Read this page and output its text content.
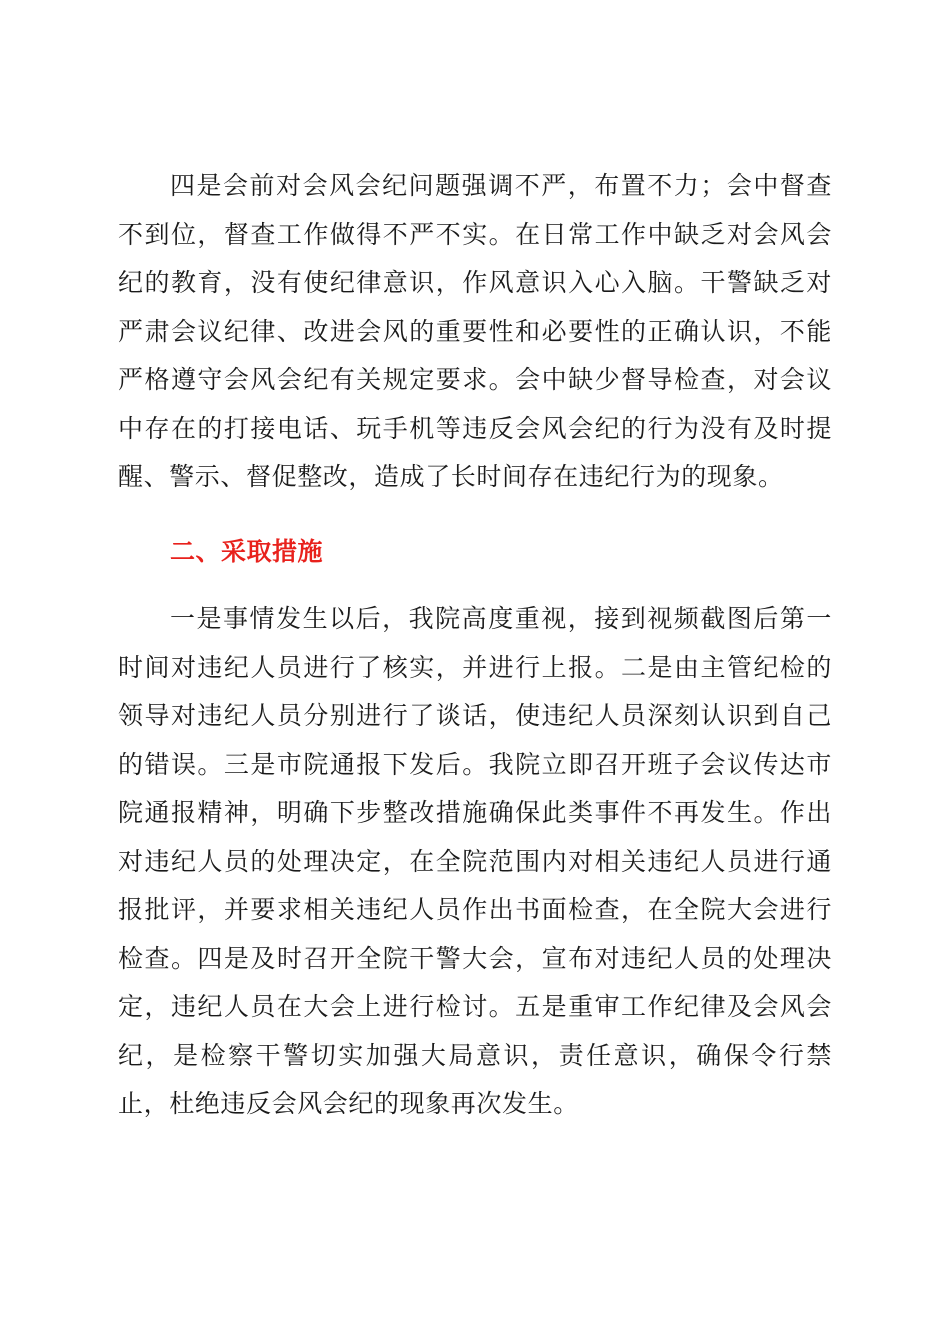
四是会前对会风会纪问题强调不严，布置不力；会中督查不到位，督查工作做得不严不实。在日常工作中缺乏对会风会纪的教育，没有使纪律意识，作风意识入心入脑。干警缺乏对严肃会议纪律、改进会风的重要性和必要性的正确认识，不能严格遵守会风会纪有关规定要求。会中缺少督导检查，对会议中存在的打接电话、玩手机等违反会风会纪的行为没有及时提醒、警示、督促整改，造成了长时间存在违纪行为的现象。

二、采取措施

一是事情发生以后，我院高度重视，接到视频截图后第一时间对违纪人员进行了核实，并进行上报。二是由主管纪检的领导对违纪人员分别进行了谈话，使违纪人员深刻认识到自己的错误。三是市院通报下发后。我院立即召开班子会议传达市院通报精神，明确下步整改措施确保此类事件不再发生。作出对违纪人员的处理决定，在全院范围内对相关违纪人员进行通报批评，并要求相关违纪人员作出书面检查，在全院大会进行检查。四是及时召开全院干警大会，宣布对违纪人员的处理决定，违纪人员在大会上进行检讨。五是重审工作纪律及会风会纪，是检察干警切实加强大局意识，责任意识，确保令行禁止，杜绝违反会风会纪的现象再次发生。
